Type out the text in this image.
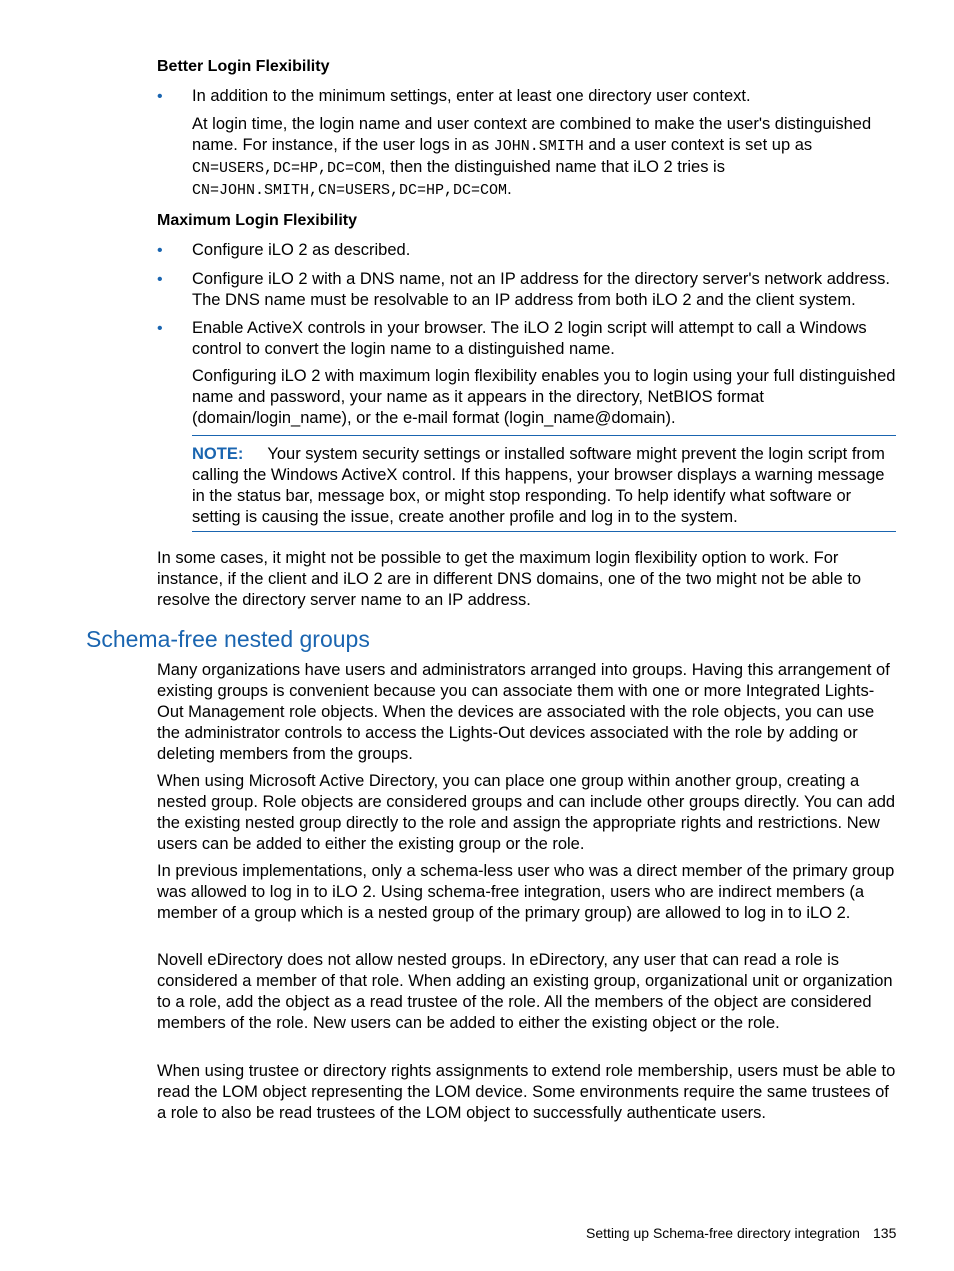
Better Login Flexibility
• In addition to the minimum settings, enter at least one directory user context.
At login time, the login name and user context are combined to make the user's distinguished name. For instance, if the user logs in as JOHN.SMITH and a user context is set up as CN=USERS,DC=HP,DC=COM, then the distinguished name that iLO 2 tries is
CN=JOHN.SMITH,CN=USERS,DC=HP,DC=COM.
Maximum Login Flexibility
• Configure iLO 2 as described.
• Configure iLO 2 with a DNS name, not an IP address for the directory server's network address. The DNS name must be resolvable to an IP address from both iLO 2 and the client system.
• Enable ActiveX controls in your browser. The iLO 2 login script will attempt to call a Windows control to convert the login name to a distinguished name.
Configuring iLO 2 with maximum login flexibility enables you to login using your full distinguished name and password, your name as it appears in the directory, NetBIOS format (domain/login_name), or the e-mail format (login_name@domain).
NOTE: Your system security settings or installed software might prevent the login script from calling the Windows ActiveX control. If this happens, your browser displays a warning message in the status bar, message box, or might stop responding. To help identify what software or setting is causing the issue, create another profile and log in to the system.
In some cases, it might not be possible to get the maximum login flexibility option to work. For instance, if the client and iLO 2 are in different DNS domains, one of the two might not be able to resolve the directory server name to an IP address.
Schema-free nested groups
Many organizations have users and administrators arranged into groups. Having this arrangement of existing groups is convenient because you can associate them with one or more Integrated Lights-Out Management role objects. When the devices are associated with the role objects, you can use the administrator controls to access the Lights-Out devices associated with the role by adding or deleting members from the groups.
When using Microsoft Active Directory, you can place one group within another group, creating a nested group. Role objects are considered groups and can include other groups directly. You can add the existing nested group directly to the role and assign the appropriate rights and restrictions. New users can be added to either the existing group or the role.
In previous implementations, only a schema-less user who was a direct member of the primary group was allowed to log in to iLO 2. Using schema-free integration, users who are indirect members (a member of a group which is a nested group of the primary group) are allowed to log in to iLO 2.
Novell eDirectory does not allow nested groups. In eDirectory, any user that can read a role is considered a member of that role. When adding an existing group, organizational unit or organization to a role, add the object as a read trustee of the role. All the members of the object are considered members of the role. New users can be added to either the existing object or the role.
When using trustee or directory rights assignments to extend role membership, users must be able to read the LOM object representing the LOM device. Some environments require the same trustees of a role to also be read trustees of the LOM object to successfully authenticate users.
Setting up Schema-free directory integration 135
